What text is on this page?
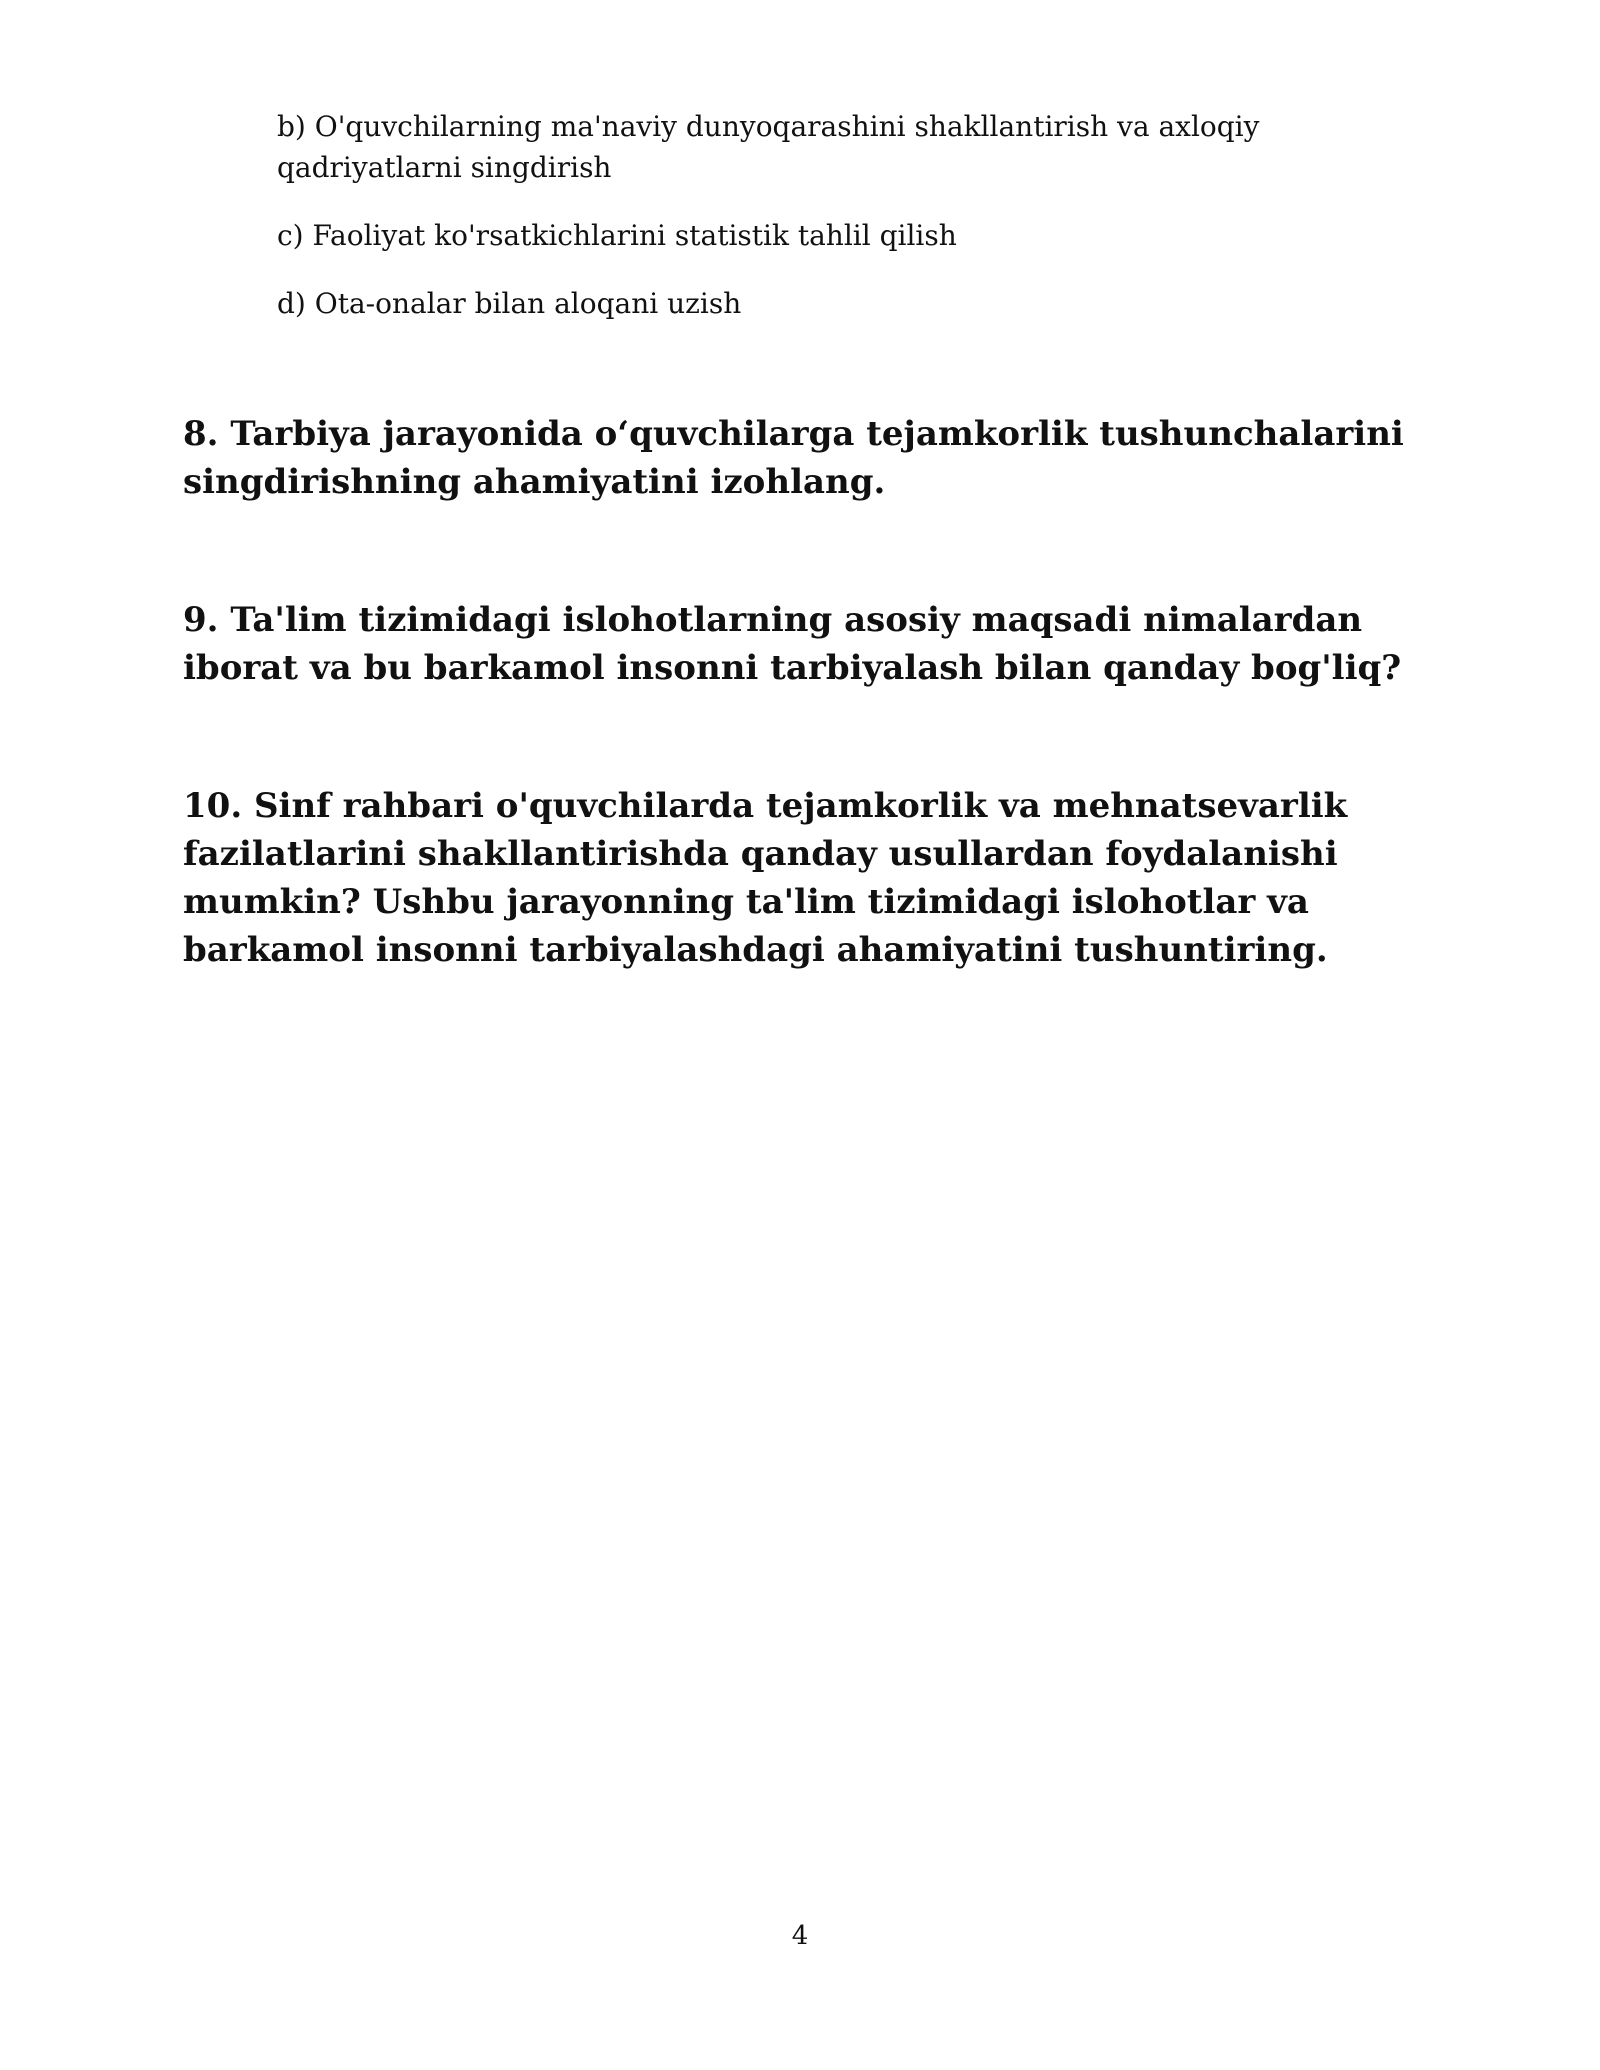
b) O'quvchilarning ma'naviy dunyoqarashini shakllantirish va axloqiy qadriyatlarni singdirish

c) Faoliyat ko'rsatkichlarini statistik tahlil qilish

d) Ota-onalar bilan aloqani uzish

8. Tarbiya jarayonida o‘quvchilarga tejamkorlik tushunchalarini singdirishning ahamiyatini izohlang.

9. Ta'lim tizimidagi islohotlarning asosiy maqsadi nimalardan iborat va bu barkamol insonni tarbiyalash bilan qanday bog'liq?

10. Sinf rahbari o'quvchilarda tejamkorlik va mehnatsevarlik fazilatlarini shakllantirishda qanday usullardan foydalanishi mumkin? Ushbu jarayonning ta'lim tizimidagi islohotlar va barkamol insonni tarbiyalashdagi ahamiyatini tushuntiring.

4
